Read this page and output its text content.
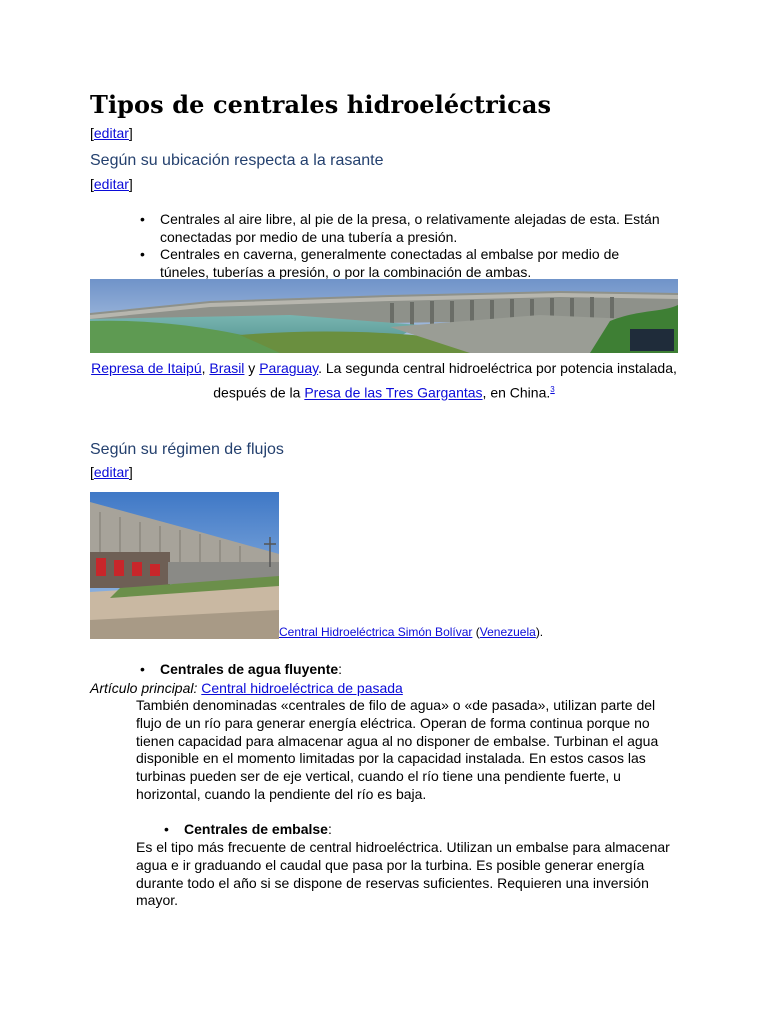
Tipos de centrales hidroeléctricas
[editar]
Según su ubicación respecta a la rasante
[editar]
• Centrales al aire libre, al pie de la presa, o relativamente alejadas de esta. Están conectadas por medio de una tubería a presión.
• Centrales en caverna, generalmente conectadas al embalse por medio de túneles, tuberías a presión, o por la combinación de ambas.
Represa de Itaipú, Brasil y Paraguay. La segunda central hidroeléctrica por potencia instalada,
después de la Presa de las Tres Gargantas, en China.$^3$
Según su régimen de flujos
[editar]
Central Hidroeléctrica Simón Bolívar (Venezuela).
• Centrales de agua fluyente:
Artículo principal: Central hidroeléctrica de pasada
También denominadas «centrales de filo de agua» o «de pasada», utilizan parte del flujo de un río para generar energía eléctrica. Operan de forma continua porque no tienen capacidad para almacenar agua al no disponer de embalse. Turbinan el agua disponible en el momento limitadas por la capacidad instalada. En estos casos las turbinas pueden ser de eje vertical, cuando el río tiene una pendiente fuerte, u horizontal, cuando la pendiente del río es baja.
• Centrales de embalse:
Es el tipo más frecuente de central hidroeléctrica. Utilizan un embalse para almacenar agua e ir graduando el caudal que pasa por la turbina. Es posible generar energía durante todo el año si se dispone de reservas suficientes. Requieren una inversión mayor.
